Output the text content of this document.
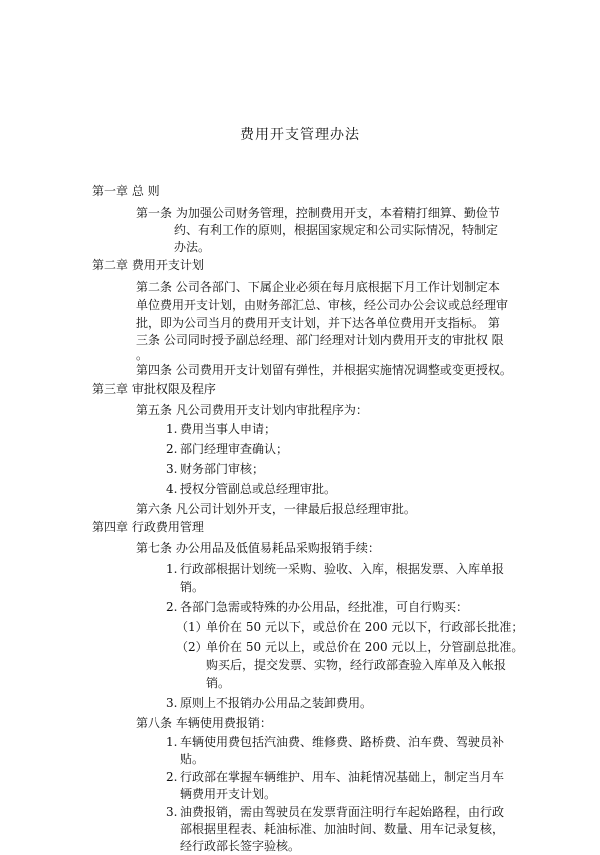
费用开支管理办法
第一章 总 则
第一条 为加强公司财务管理，控制费用开支，本着精打细算、勤俭节
约、有利工作的原则，根据国家规定和公司实际情况，特制定
办法。
第二章 费用开支计划
第二条 公司各部门、下属企业必须在每月底根据下月工作计划制定本
单位费用开支计划，由财务部汇总、审核，经公司办公会议或总经理审
批，即为公司当月的费用开支计划，并下达各单位费用开支指标。 第
三条 公司同时授予副总经理、部门经理对计划内费用开支的审批权 限
。
第四条 公司费用开支计划留有弹性，并根据实施情况调整或变更授权。
第三章 审批权限及程序
第五条 凡公司费用开支计划内审批程序为：
1. 费用当事人申请；
2. 部门经理审查确认；
3. 财务部门审核；
4. 授权分管副总或总经理审批。
第六条 凡公司计划外开支，一律最后报总经理审批。
第四章 行政费用管理
第七条 办公用品及低值易耗品采购报销手续：
1. 行政部根据计划统一采购、验收、入库，根据发票、入库单报
销。
2. 各部门急需或特殊的办公用品，经批准，可自行购买：
（1）
单价在 50 元以下，或总价在 200 元以下，行政部长批准；
（2）
单价在 50 元以上，或总价在 200 元以上，分管副总批准。
购买后，提交发票、实物，经行政部查验入库单及入帐报
销。
3. 原则上不报销办公用品之装卸费用。
第八条 车辆使用费报销：
1. 车辆使用费包括汽油费、维修费、路桥费、泊车费、驾驶员补
贴。
2. 行政部在掌握车辆维护、用车、油耗情况基础上，制定当月车
辆费用开支计划。
3. 油费报销，需由驾驶员在发票背面注明行车起始路程，由行政
部根据里程表、耗油标准、加油时间、数量、用车记录复核，
经行政部长签字验核。
